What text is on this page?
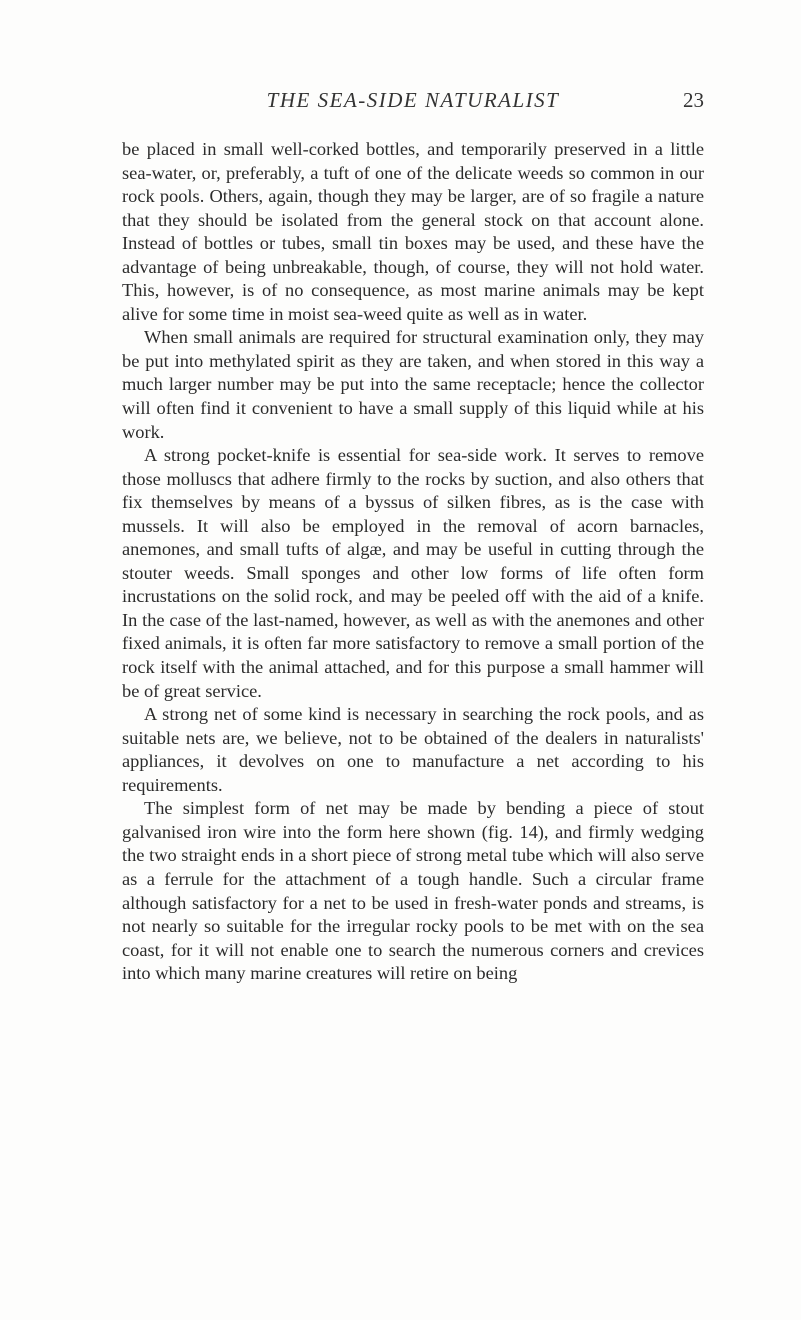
THE SEA-SIDE NATURALIST	23

be placed in small well-corked bottles, and temporarily preserved in a little sea-water, or, preferably, a tuft of one of the delicate weeds so common in our rock pools. Others, again, though they may be larger, are of so fragile a nature that they should be isolated from the general stock on that account alone. Instead of bottles or tubes, small tin boxes may be used, and these have the advantage of being unbreakable, though, of course, they will not hold water. This, however, is of no consequence, as most marine animals may be kept alive for some time in moist sea-weed quite as well as in water.

When small animals are required for structural examination only, they may be put into methylated spirit as they are taken, and when stored in this way a much larger number may be put into the same receptacle; hence the collector will often find it convenient to have a small supply of this liquid while at his work.

A strong pocket-knife is essential for sea-side work. It serves to remove those molluscs that adhere firmly to the rocks by suction, and also others that fix themselves by means of a byssus of silken fibres, as is the case with mussels. It will also be employed in the removal of acorn barnacles, anemones, and small tufts of algæ, and may be useful in cutting through the stouter weeds. Small sponges and other low forms of life often form incrustations on the solid rock, and may be peeled off with the aid of a knife. In the case of the last-named, however, as well as with the anemones and other fixed animals, it is often far more satisfactory to remove a small portion of the rock itself with the animal attached, and for this purpose a small hammer will be of great service.

A strong net of some kind is necessary in searching the rock pools, and as suitable nets are, we believe, not to be obtained of the dealers in naturalists' appliances, it devolves on one to manufacture a net according to his requirements.

The simplest form of net may be made by bending a piece of stout galvanised iron wire into the form here shown (fig. 14), and firmly wedging the two straight ends in a short piece of strong metal tube which will also serve as a ferrule for the attachment of a tough handle. Such a circular frame although satisfactory for a net to be used in fresh-water ponds and streams, is not nearly so suitable for the irregular rocky pools to be met with on the sea coast, for it will not enable one to search the numerous corners and crevices into which many marine creatures will retire on being
